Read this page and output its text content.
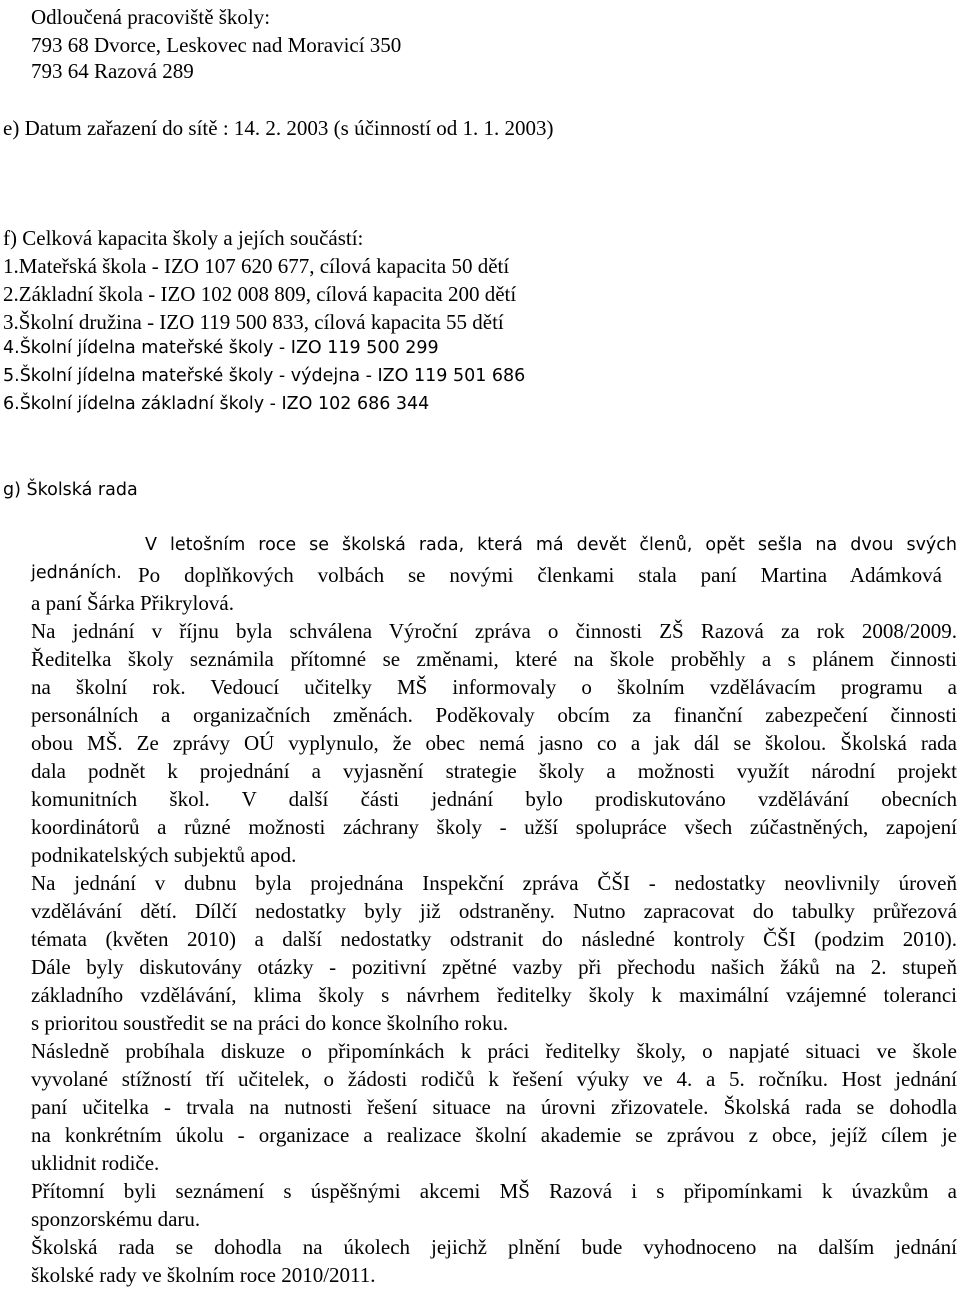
Odloučená pracoviště školy:
793 68 Dvorce, Leskovec nad Moravicí 350
793 64 Razová 289
e) Datum zařazení do sítě : 14. 2. 2003 (s účinností od 1. 1. 2003)
f) Celková kapacita školy a jejích součástí:
1.Mateřská škola - IZO 107 620 677, cílová kapacita 50 dětí
2.Základní škola - IZO 102 008 809, cílová kapacita 200 dětí
3.Školní družina - IZO 119 500 833, cílová kapacita 55 dětí
4.Školní jídelna mateřské školy - IZO 119 500 299
5.Školní jídelna mateřské školy - výdejna - IZO 119 501 686
6.Školní jídelna základní školy - IZO 102 686 344
g) Školská rada
V letošním roce se školská rada, která má devět členů, opět sešla na dvou svých
jednáních. Po doplňkových volbách se novými členkami stala paní Martina Adámková
a paní Šárka Přikrylová.
Na jednání v říjnu byla schválena Výroční zpráva o činnosti ZŠ Razová za rok 2008/2009.
Ředitelka školy seznámila přítomné se změnami, které na škole proběhly a s plánem činnosti
na školní rok. Vedoucí učitelky MŠ informovaly o školním vzdělávacím programu a
personálních a organizačních změnách. Poděkovaly obcím za finanční zabezpečení činnosti
obou MŠ. Ze zprávy OÚ vyplynulo, že obec nemá jasno co a jak dál se školou. Školská rada
dala podnět k projednání a vyjasnění strategie školy a možnosti využít národní projekt
komunitních škol. V další části jednání bylo prodiskutováno vzdělávání obecních
koordinátorů a různé možnosti záchrany školy - užší spolupráce všech zúčastněných, zapojení
podnikatelských subjektů apod.
Na jednání v dubnu byla projednána Inspekční zpráva ČŠI - nedostatky neovlivnily úroveň
vzdělávání dětí. Dílčí nedostatky byly již odstraněny. Nutno zapracovat do tabulky průřezová
témata (květen 2010) a další nedostatky odstranit do následné kontroly ČŠI (podzim 2010).
Dále byly diskutovány otázky - pozitivní zpětné vazby při přechodu našich žáků na 2. stupeň
základního vzdělávání, klima školy s návrhem ředitelky školy k maximální vzájemné toleranci
s prioritou soustředit se na práci do konce školního roku.
Následně probíhala diskuze o připomínkách k práci ředitelky školy, o napjaté situaci ve škole
vyvolané stížností tří učitelek, o žádosti rodičů k řešení výuky ve 4. a 5. ročníku. Host jednání
paní učitelka - trvala na nutnosti řešení situace na úrovni zřizovatele. Školská rada se dohodla
na konkrétním úkolu - organizace a realizace školní akademie se zprávou z obce, jejíž cílem je
uklidnit rodiče.
Přítomní byli seznámení s úspěšnými akcemi MŠ Razová i s připomínkami k úvazkům a
sponzorskému daru.
Školská rada se dohodla na úkolech jejichž plnění bude vyhodnoceno na dalším jednání
školské rady ve školním roce 2010/2011.
